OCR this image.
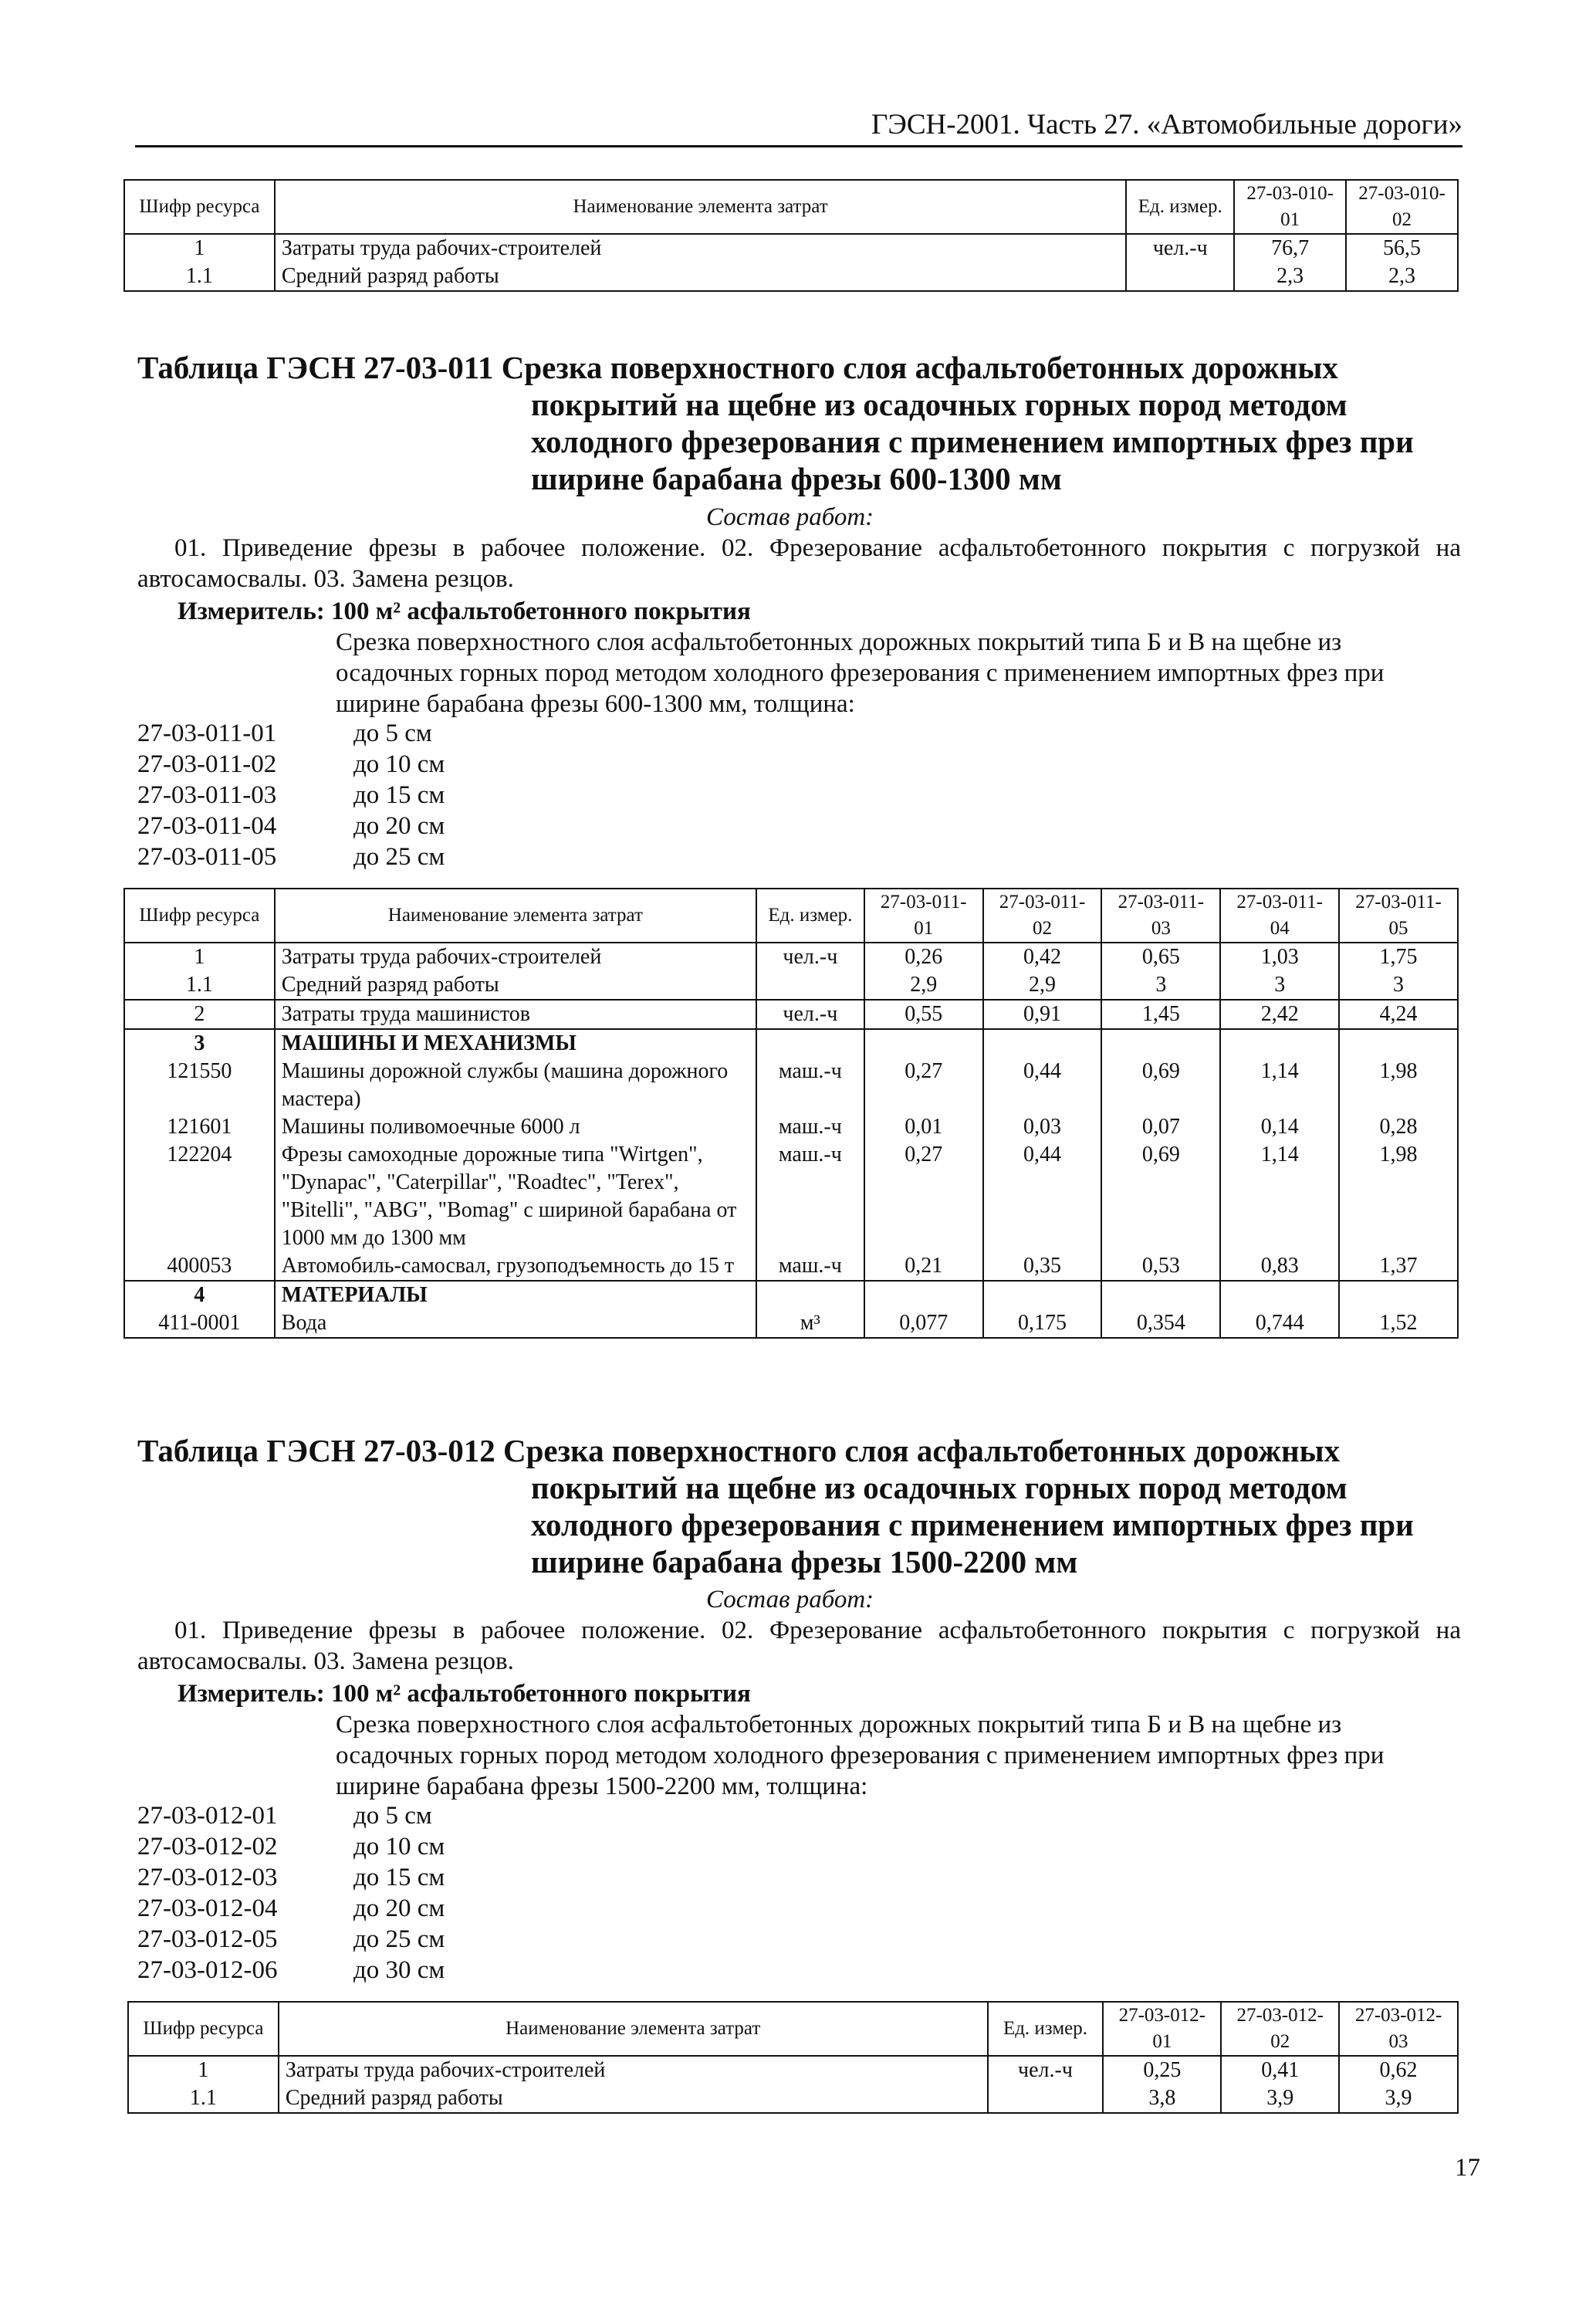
ГЭСН-2001. Часть 27. «Автомобильные дороги»
Шифр ресурса	Наименование элемента затрат	Ед. измер.	27-03-010-01	27-03-010-02
1	Затраты труда рабочих-строителей	чел.-ч	76,7	56,5
1.1	Средний разряд работы		2,3	2,3
Таблица ГЭСН 27-03-011 Срезка поверхностного слоя асфальтобетонных дорожных
покрытий на щебне из осадочных горных пород методом холодного фрезерования с применением импортных фрез при ширине барабана фрезы 600-1300 мм
Состав работ:
01. Приведение фрезы в рабочее положение. 02. Фрезерование асфальтобетонного покрытия с погрузкой на автосамосвалы. 03. Замена резцов.
Измеритель: 100 м² асфальтобетонного покрытия
Срезка поверхностного слоя асфальтобетонных дорожных покрытий типа Б и В на щебне из осадочных горных пород методом холодного фрезерования с применением импортных фрез при ширине барабана фрезы 600-1300 мм, толщина:
27-03-011-01	до 5 см
27-03-011-02	до 10 см
27-03-011-03	до 15 см
27-03-011-04	до 20 см
27-03-011-05	до 25 см
Шифр ресурса	Наименование элемента затрат	Ед. измер.	27-03-011-01	27-03-011-02	27-03-011-03	27-03-011-04	27-03-011-05
1	Затраты труда рабочих-строителей	чел.-ч	0,26	0,42	0,65	1,03	1,75
1.1	Средний разряд работы		2,9	2,9	3	3	3
2	Затраты труда машинистов	чел.-ч	0,55	0,91	1,45	2,42	4,24
3	МАШИНЫ И МЕХАНИЗМЫ						
121550	Машины дорожной службы (машина дорожного мастера)	маш.-ч	0,27	0,44	0,69	1,14	1,98
121601	Машины поливомоечные 6000 л	маш.-ч	0,01	0,03	0,07	0,14	0,28
122204	Фрезы самоходные дорожные типа "Wirtgen", "Dynapac", "Caterpillar", "Roadtec", "Terex", "Bitelli", "ABG", "Bomag" с шириной барабана от 1000 мм до 1300 мм	маш.-ч	0,27	0,44	0,69	1,14	1,98
400053	Автомобиль-самосвал, грузоподъемность до 15 т	маш.-ч	0,21	0,35	0,53	0,83	1,37
4	МАТЕРИАЛЫ						
411-0001	Вода	м³	0,077	0,175	0,354	0,744	1,52
Таблица ГЭСН 27-03-012 Срезка поверхностного слоя асфальтобетонных дорожных
покрытий на щебне из осадочных горных пород методом холодного фрезерования с применением импортных фрез при ширине барабана фрезы 1500-2200 мм
Состав работ:
01. Приведение фрезы в рабочее положение. 02. Фрезерование асфальтобетонного покрытия с погрузкой на автосамосвалы. 03. Замена резцов.
Измеритель: 100 м² асфальтобетонного покрытия
Срезка поверхностного слоя асфальтобетонных дорожных покрытий типа Б и В на щебне из осадочных горных пород методом холодного фрезерования с применением импортных фрез при ширине барабана фрезы 1500-2200 мм, толщина:
27-03-012-01	до 5 см
27-03-012-02	до 10 см
27-03-012-03	до 15 см
27-03-012-04	до 20 см
27-03-012-05	до 25 см
27-03-012-06	до 30 см
Шифр ресурса	Наименование элемента затрат	Ед. измер.	27-03-012-01	27-03-012-02	27-03-012-03
1	Затраты труда рабочих-строителей	чел.-ч	0,25	0,41	0,62
1.1	Средний разряд работы		3,8	3,9	3,9
17
